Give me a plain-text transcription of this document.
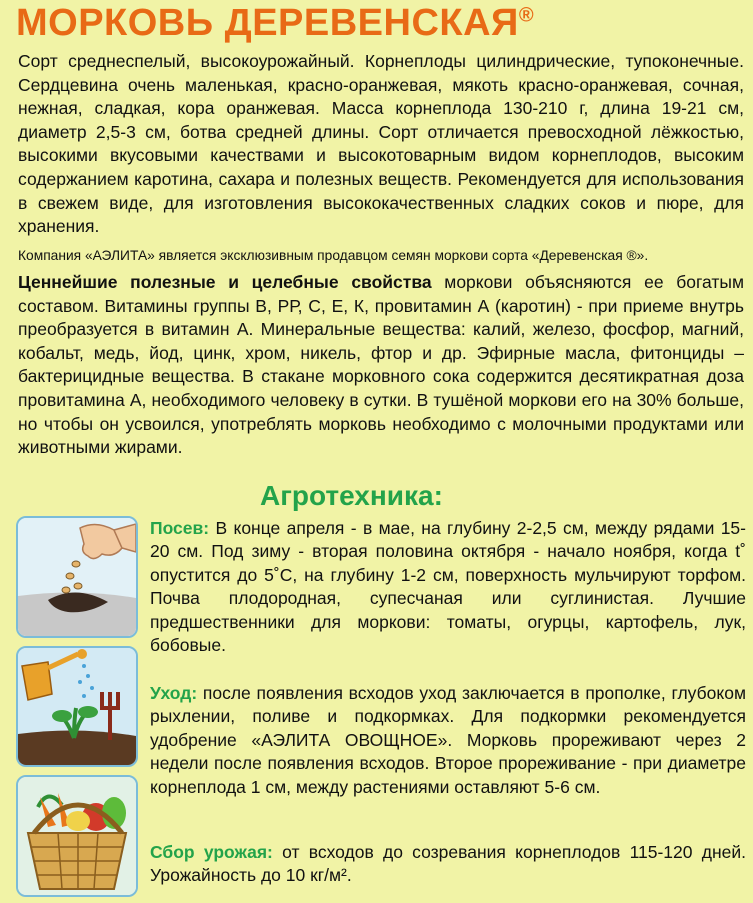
МОРКОВЬ ДЕРЕВЕНСКАЯ®
Сорт среднеспелый, высокоурожайный. Корнеплоды цилиндрические, тупоконечные. Сердцевина очень маленькая, красно-оранжевая, мякоть красно-оранжевая, сочная, нежная, сладкая, кора оранжевая. Масса корнеплода 130-210 г, длина 19-21 см, диаметр 2,5-3 см, ботва средней длины. Сорт отличается превосходной лёжкостью, высокими вкусовыми качествами и высокотоварным видом корнеплодов, высоким содержанием каротина, сахара и полезных веществ. Рекомендуется для использования в свежем виде, для изготовления высококачественных сладких соков и пюре, для хранения.
Компания «АЭЛИТА» является эксклюзивным продавцом семян моркови сорта «Деревенская ®».
Ценнейшие полезные и целебные свойства моркови объясняются ее богатым составом. Витамины группы В, РР, С, Е, К, провитамин А (каротин) - при приеме внутрь преобразуется в витамин А. Минеральные вещества: калий, железо, фосфор, магний, кобальт, медь, йод, цинк, хром, никель, фтор и др. Эфирные масла, фитонциды – бактерицидные вещества. В стакане морковного сока содержится десятикратная доза провитамина А, необходимого человеку в сутки. В тушёной моркови его на 30% больше, но чтобы он усвоился, употреблять морковь необходимо с молочными продуктами или животными жирами.
Агротехника:
Посев: В конце апреля - в мае, на глубину 2-2,5 см, между рядами 15-20 см. Под зиму - вторая половина октября - начало ноября, когда t˚ опустится до 5˚С, на глубину 1-2 см, поверхность мульчируют торфом. Почва плодородная, супесчаная или суглинистая. Лучшие предшественники для моркови: томаты, огурцы, картофель, лук, бобовые.
Уход: после появления всходов уход заключается в прополке, глубоком рыхлении, поливе и подкормках. Для подкормки рекомендуется удобрение «АЭЛИТА ОВОЩНОЕ». Морковь прореживают через 2 недели после появления всходов. Второе прореживание - при диаметре корнеплода 1 см, между растениями оставляют 5-6 см.
Сбор урожая: от всходов до созревания корнеплодов 115-120 дней. Урожайность до 10 кг/м².
